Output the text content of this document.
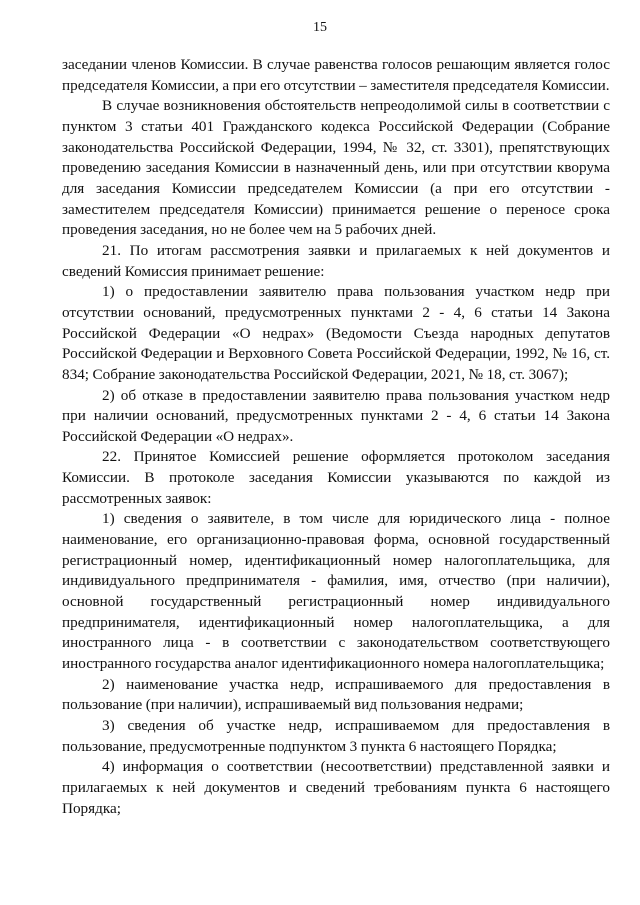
15

заседании членов Комиссии. В случае равенства голосов решающим является голос председателя Комиссии, а при его отсутствии – заместителя председателя Комиссии.

В случае возникновения обстоятельств непреодолимой силы в соответствии с пунктом 3 статьи 401 Гражданского кодекса Российской Федерации (Собрание законодательства Российской Федерации, 1994, № 32, ст. 3301), препятствующих проведению заседания Комиссии в назначенный день, или при отсутствии кворума для заседания Комиссии председателем Комиссии (а при его отсутствии - заместителем председателя Комиссии) принимается решение о переносе срока проведения заседания, но не более чем на 5 рабочих дней.

21. По итогам рассмотрения заявки и прилагаемых к ней документов и сведений Комиссия принимает решение:

1) о предоставлении заявителю права пользования участком недр при отсутствии оснований, предусмотренных пунктами 2 - 4, 6 статьи 14 Закона Российской Федерации «О недрах» (Ведомости Съезда народных депутатов Российской Федерации и Верховного Совета Российской Федерации, 1992, № 16, ст. 834; Собрание законодательства Российской Федерации, 2021, № 18, ст. 3067);

2) об отказе в предоставлении заявителю права пользования участком недр при наличии оснований, предусмотренных пунктами 2 - 4, 6 статьи 14 Закона Российской Федерации «О недрах».

22. Принятое Комиссией решение оформляется протоколом заседания Комиссии. В протоколе заседания Комиссии указываются по каждой из рассмотренных заявок:

1) сведения о заявителе, в том числе для юридического лица - полное наименование, его организационно-правовая форма, основной государственный регистрационный номер, идентификационный номер налогоплательщика, для индивидуального предпринимателя - фамилия, имя, отчество (при наличии), основной государственный регистрационный номер индивидуального предпринимателя, идентификационный номер налогоплательщика, а для иностранного лица - в соответствии с законодательством соответствующего иностранного государства аналог идентификационного номера налогоплательщика;

2) наименование участка недр, испрашиваемого для предоставления в пользование (при наличии), испрашиваемый вид пользования недрами;

3) сведения об участке недр, испрашиваемом для предоставления в пользование, предусмотренные подпунктом 3 пункта 6 настоящего Порядка;

4) информация о соответствии (несоответствии) представленной заявки и прилагаемых к ней документов и сведений требованиям пункта 6 настоящего Порядка;
